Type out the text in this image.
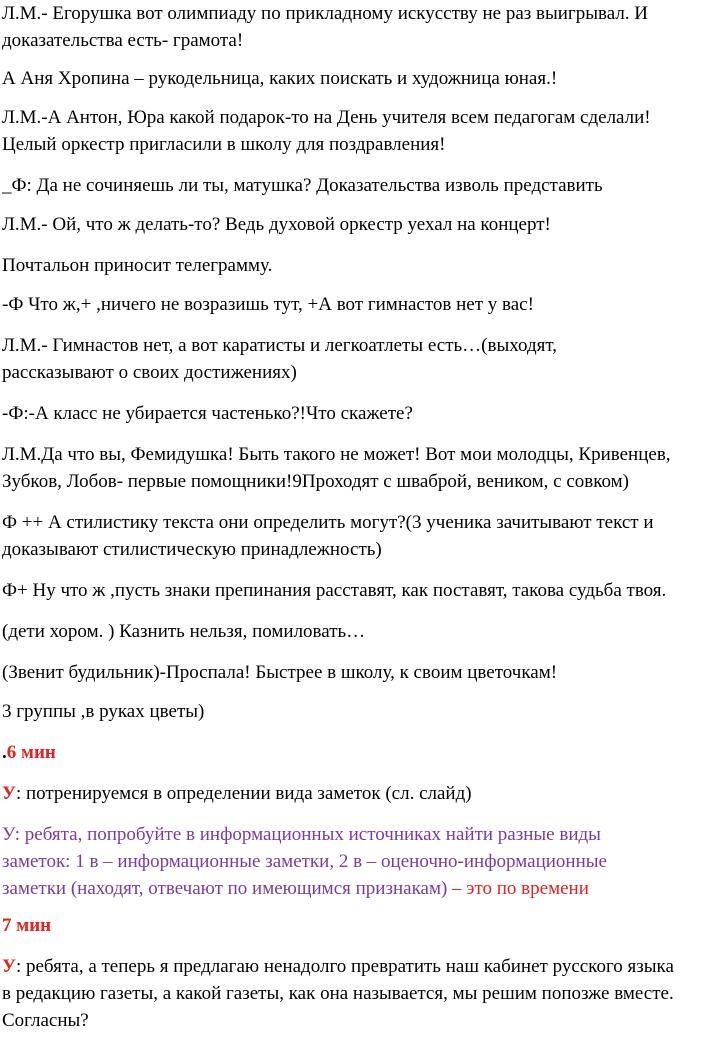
Л.М.- Егорушка вот олимпиаду по прикладному искусству не раз выигрывал. И
доказательства есть- грамота!
А Аня Хропина – рукодельница, каких поискать и художница юная.!
Л.М.-А Антон, Юра какой подарок-то на День учителя всем педагогам сделали!
Целый оркестр пригласили в школу для поздравления!
_Ф: Да не сочиняешь ли ты, матушка? Доказательства изволь представить
Л.М.- Ой, что ж делать-то? Ведь духовой оркестр уехал на концерт!
Почтальон приносит телеграмму.
-Ф Что ж,+ ,ничего не возразишь тут, +А вот гимнастов нет у вас!
Л.М.- Гимнастов нет, а вот каратисты и легкоатлеты есть…(выходят,
рассказывают о своих достижениях)
-Ф:-А класс не убирается частенько?!Что скажете?
Л.М.Да что вы, Фемидушка! Быть такого не может! Вот мои молодцы, Кривенцев,
Зубков, Лобов- первые помощники!9Проходят с шваброй, веником, с совком)
Ф ++ А стилистику текста они определить могут?(3 ученика зачитывают текст и
доказывают стилистическую принадлежность)
Ф+ Ну что ж ,пусть знаки препинания расставят, как поставят, такова судьба твоя.
(дети хором. ) Казнить нельзя, помиловать…
(Звенит будильник)-Проспала! Быстрее в школу, к своим цветочкам!
3 группы ,в руках цветы)
.6 мин
У: потренируемся в определении вида заметок (сл. слайд)
У: ребята, попробуйте в информационных источниках найти разные виды
заметок: 1 в – информационные заметки, 2 в – оценочно-информационные
заметки (находят, отвечают по имеющимся признакам) – это по времени
7 мин
У: ребята, а теперь я предлагаю ненадолго превратить наш кабинет русского языка
в редакцию газеты, а какой газеты, как она называется, мы решим попозже вместе.
Согласны?
